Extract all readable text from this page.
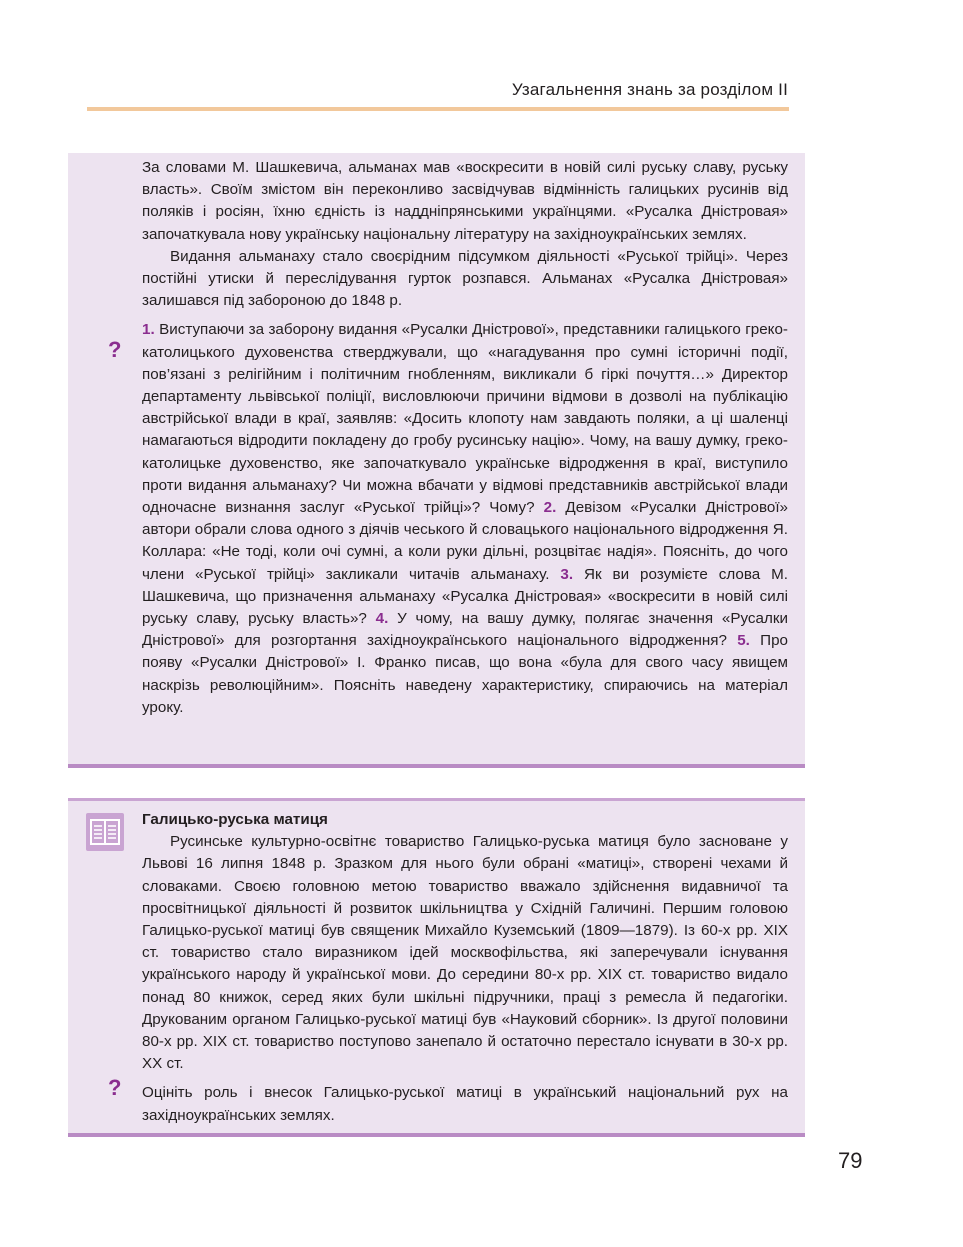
Узагальнення знань за розділом ІІ
?

За словами М. Шашкевича, альманах мав «воскресити в новій силі руську славу, руську власть». Своїм змістом він переконливо засвідчував відмінність галицьких русинів від поляків і росіян, їхню єдність із наддніпрянськими українцями. «Русалка Дністровая» започаткувала нову українську національну літературу на західноукраїнських землях.

Видання альманаху стало своєрідним підсумком діяльності «Руської трійці». Через постійні утиски й переслідування гурток розпався. Альманах «Русалка Дністровая» залишався під забороною до 1848 р.

1. Виступаючи за заборону видання «Русалки Дністрової», представники галицького греко-католицького духовенства стверджували, що «нагадування про сумні історичні події, пов’язані з релігійним і політичним гнобленням, викликали б гіркі почуття…» Директор департаменту львівської поліції, висловлюючи причини відмови в дозволі на публікацію австрійської влади в краї, заявляв: «Досить клопоту нам завдають поляки, а ці шаленці намагаються відродити покладену до гробу русинську націю». Чому, на вашу думку, греко-католицьке духовенство, яке започаткувало українське відродження в краї, виступило проти видання альманаху? Чи можна вбачати у відмові представників австрійської влади одночасне визнання заслуг «Руської трійці»? Чому? 2. Девізом «Русалки Дністрової» автори обрали слова одного з діячів чеського й словацького національного відродження Я. Коллара: «Не тоді, коли очі сумні, а коли руки дільні, розцвітає надія». Поясніть, до чого члени «Руської трійці» закликали читачів альманаху. 3. Як ви розумієте слова М. Шашкевича, що призначення альманаху «Русалка Дністровая» «воскресити в новій силі руську славу, руську власть»? 4. У чому, на вашу думку, полягає значення «Русалки Дністрової» для розгортання західноукраїнського національного відродження? 5. Про появу «Русалки Дністрової» І. Франко писав, що вона «була для свого часу явищем наскрізь революційним». Поясніть наведену характеристику, спираючись на матеріал уроку.

?

Галицько-руська матиця

Русинське культурно-освітнє товариство Галицько-руська матиця було засноване у Львові 16 липня 1848 р. Зразком для нього були обрані «матиці», створені чехами й словаками. Своєю головною метою товариство вважало здійснення видавничої та просвітницької діяльності й розвиток шкільництва у Східній Галичині. Першим головою Галицько-руської матиці був священик Михайло Куземський (1809—1879). Із 60-х рр. ХІХ ст. товариство стало виразником ідей москвофільства, які заперечували існування українського народу й української мови. До середини 80-х рр. ХІХ ст. товариство видало понад 80 книжок, серед яких були шкільні підручники, праці з ремесла й педагогіки. Друкованим органом Галицько-руської матиці був «Науковий сборник». Із другої половини 80-х рр. ХІХ ст. товариство поступово занепало й остаточно перестало існувати в 30-х рр. ХХ ст.

Оцініть роль і внесок Галицько-руської матиці в український національний рух на західноукраїнських землях.

79
